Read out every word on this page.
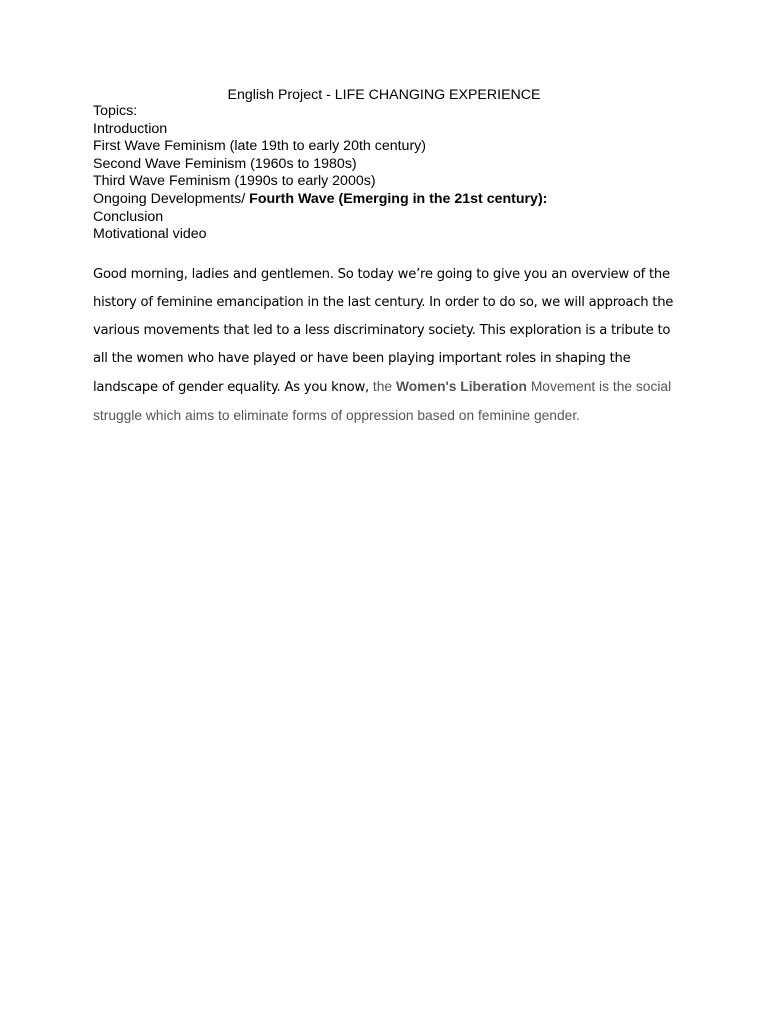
English Project - LIFE CHANGING EXPERIENCE
Topics:
Introduction
First Wave Feminism (late 19th to early 20th century)
Second Wave Feminism (1960s to 1980s)
Third Wave Feminism (1990s to early 2000s)
Ongoing Developments/ Fourth Wave (Emerging in the 21st century):
Conclusion
Motivational video
Good morning, ladies and gentlemen. So today we’re going to give you an overview of the
history of feminine emancipation in the last century. In order to do so, we will approach the
various movements that led to a less discriminatory society. This exploration is a tribute to
all the women who have played or have been playing important roles in shaping the
landscape of gender equality. As you know, the Women's Liberation Movement is the social
struggle which aims to eliminate forms of oppression based on feminine gender.
